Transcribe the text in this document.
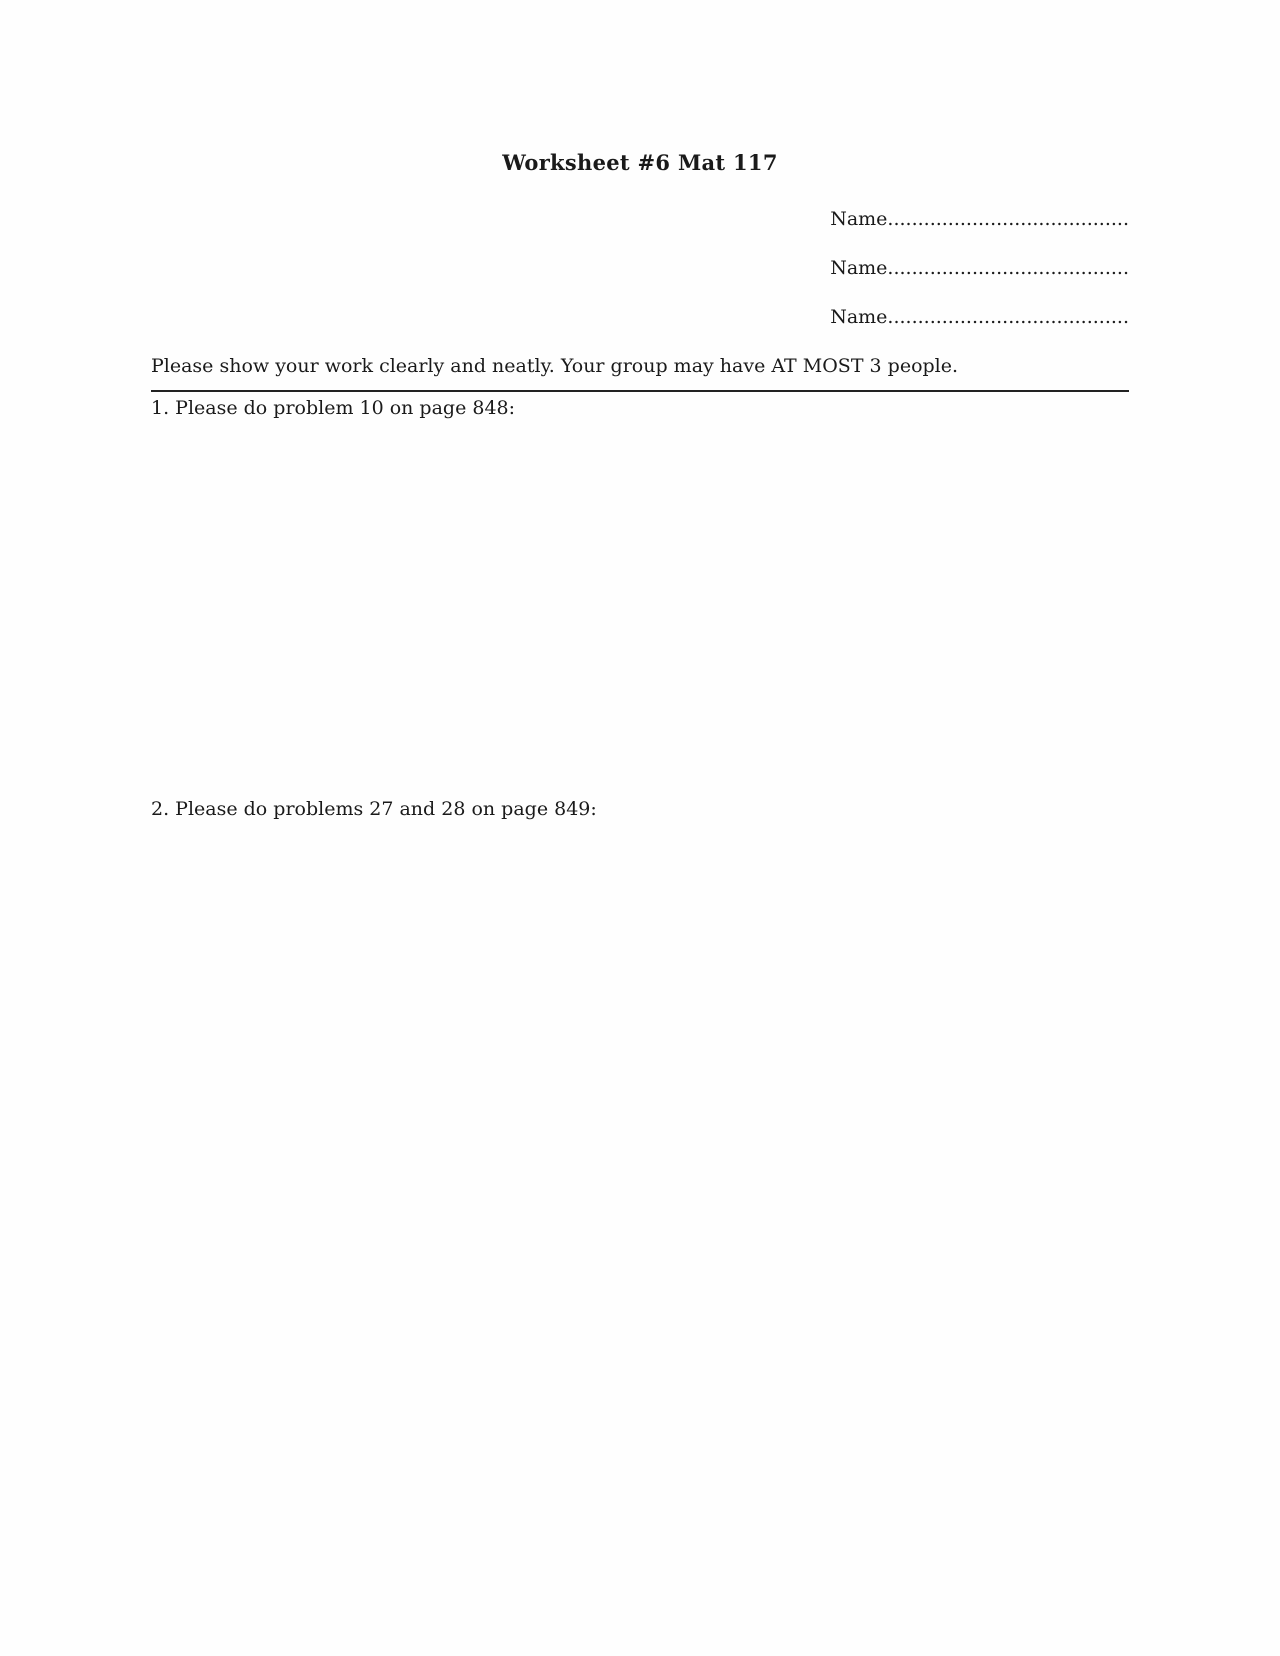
Worksheet #6 Mat 117
Name........................................
Name........................................
Name........................................
Please show your work clearly and neatly. Your group may have AT MOST 3 people.
1. Please do problem 10 on page 848:
2. Please do problems 27 and 28 on page 849:
